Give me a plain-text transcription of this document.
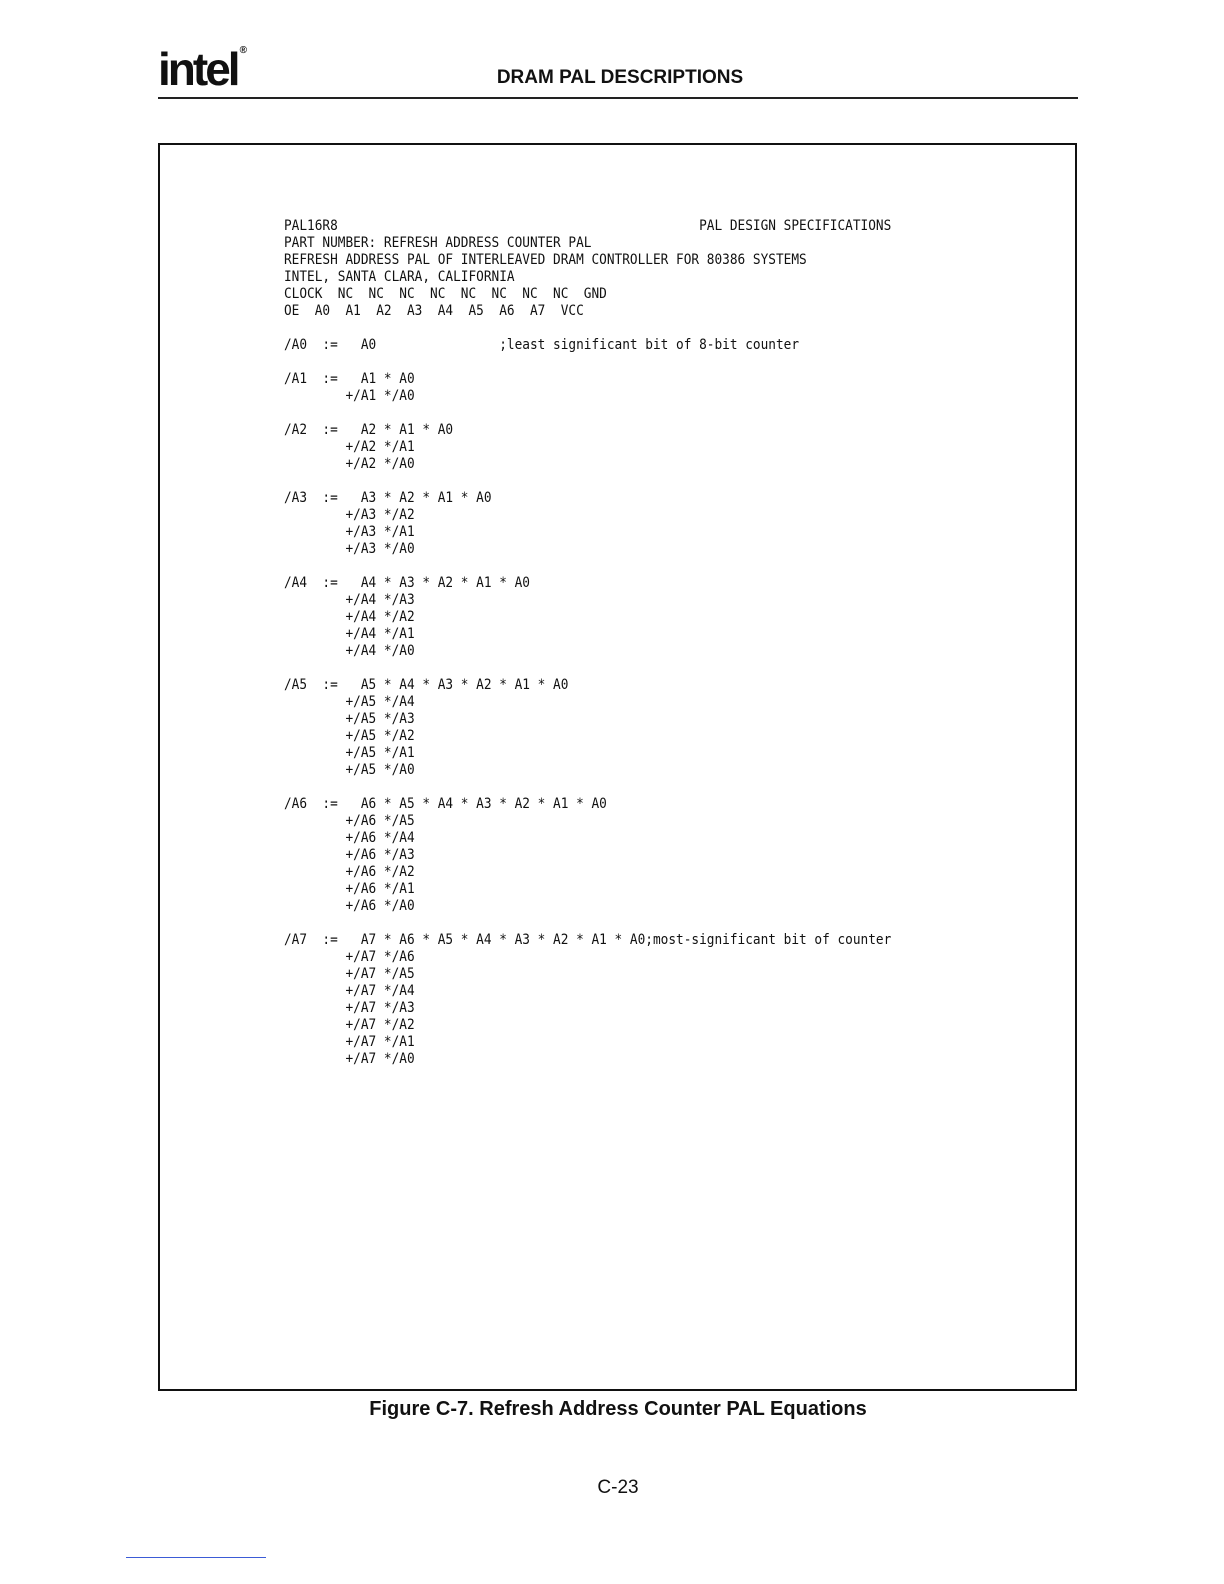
intel ®
DRAM PAL DESCRIPTIONS
PAL16R8                                               PAL DESIGN SPECIFICATIONS
PART NUMBER: REFRESH ADDRESS COUNTER PAL
REFRESH ADDRESS PAL OF INTERLEAVED DRAM CONTROLLER FOR 80386 SYSTEMS
INTEL, SANTA CLARA, CALIFORNIA
CLOCK  NC  NC  NC  NC  NC  NC  NC  NC  GND
OE  A0  A1  A2  A3  A4  A5  A6  A7  VCC

/A0  :=   A0                ;least significant bit of 8-bit counter

/A1  :=   A1 * A0
+/A1 */A0

/A2  :=   A2 * A1 * A0
+/A2 */A1
+/A2 */A0

/A3  :=   A3 * A2 * A1 * A0
+/A3 */A2
+/A3 */A1
+/A3 */A0

/A4  :=   A4 * A3 * A2 * A1 * A0
+/A4 */A3
+/A4 */A2
+/A4 */A1
+/A4 */A0

/A5  :=   A5 * A4 * A3 * A2 * A1 * A0
+/A5 */A4
+/A5 */A3
+/A5 */A2
+/A5 */A1
+/A5 */A0

/A6  :=   A6 * A5 * A4 * A3 * A2 * A1 * A0
+/A6 */A5
+/A6 */A4
+/A6 */A3
+/A6 */A2
+/A6 */A1
+/A6 */A0

/A7  :=   A7 * A6 * A5 * A4 * A3 * A2 * A1 * A0;most-significant bit of counter
+/A7 */A6
+/A7 */A5
+/A7 */A4
+/A7 */A3
+/A7 */A2
+/A7 */A1
+/A7 */A0
Figure C-7. Refresh Address Counter PAL Equations
C-23
